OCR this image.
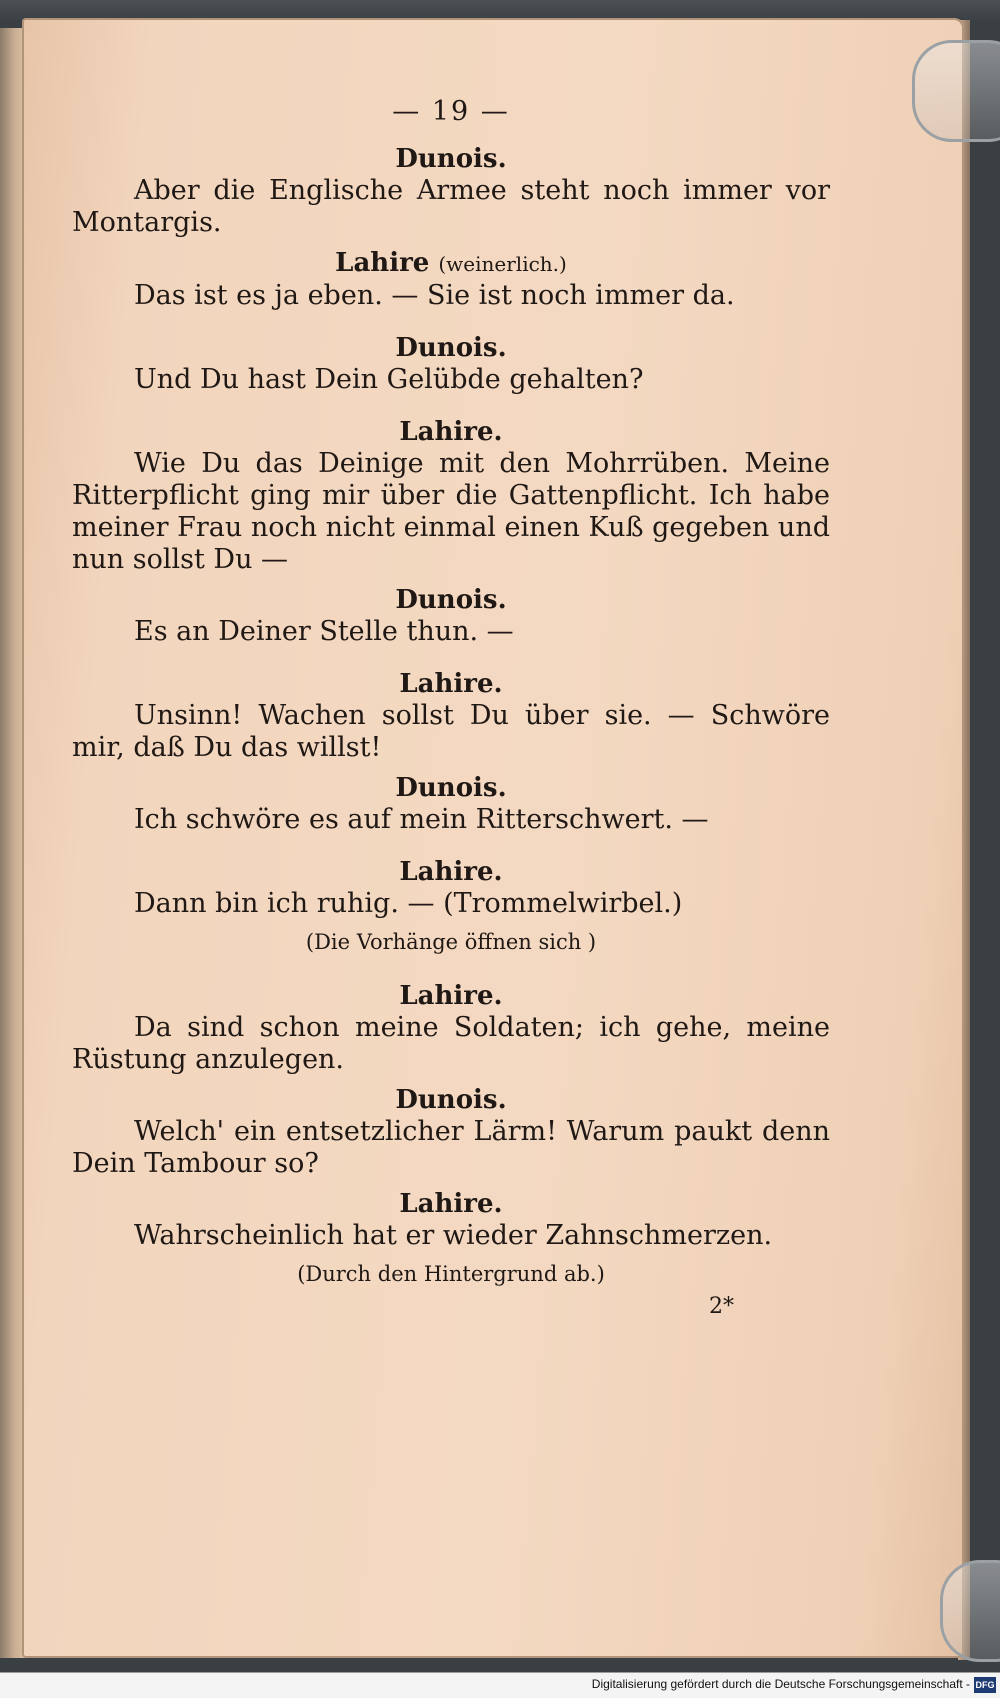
— 19 —
Dunois.
Aber die Englische Armee steht noch immer vor Montargis.
Lahire (weinerlich.)
Das ist es ja eben. — Sie ist noch immer da.
Dunois.
Und Du hast Dein Gelübde gehalten?
Lahire.
Wie Du das Deinige mit den Mohrrüben. Meine Ritterpflicht ging mir über die Gattenpflicht. Ich habe meiner Frau noch nicht einmal einen Kuß gegeben und nun sollst Du —
Dunois.
Es an Deiner Stelle thun. —
Lahire.
Unsinn! Wachen sollst Du über sie. — Schwöre mir, daß Du das willst!
Dunois.
Ich schwöre es auf mein Ritterschwert. —
Lahire.
Dann bin ich ruhig. — (Trommelwirbel.)
(Die Vorhänge öffnen sich )
Lahire.
Da sind schon meine Soldaten; ich gehe, meine Rüstung anzulegen.
Dunois.
Welch' ein entsetzlicher Lärm! Warum paukt denn Dein Tambour so?
Lahire.
Wahrscheinlich hat er wieder Zahnschmerzen.
(Durch den Hintergrund ab.)
2*
Digitalisierung gefördert durch die Deutsche Forschungsgemeinschaft - DFG
